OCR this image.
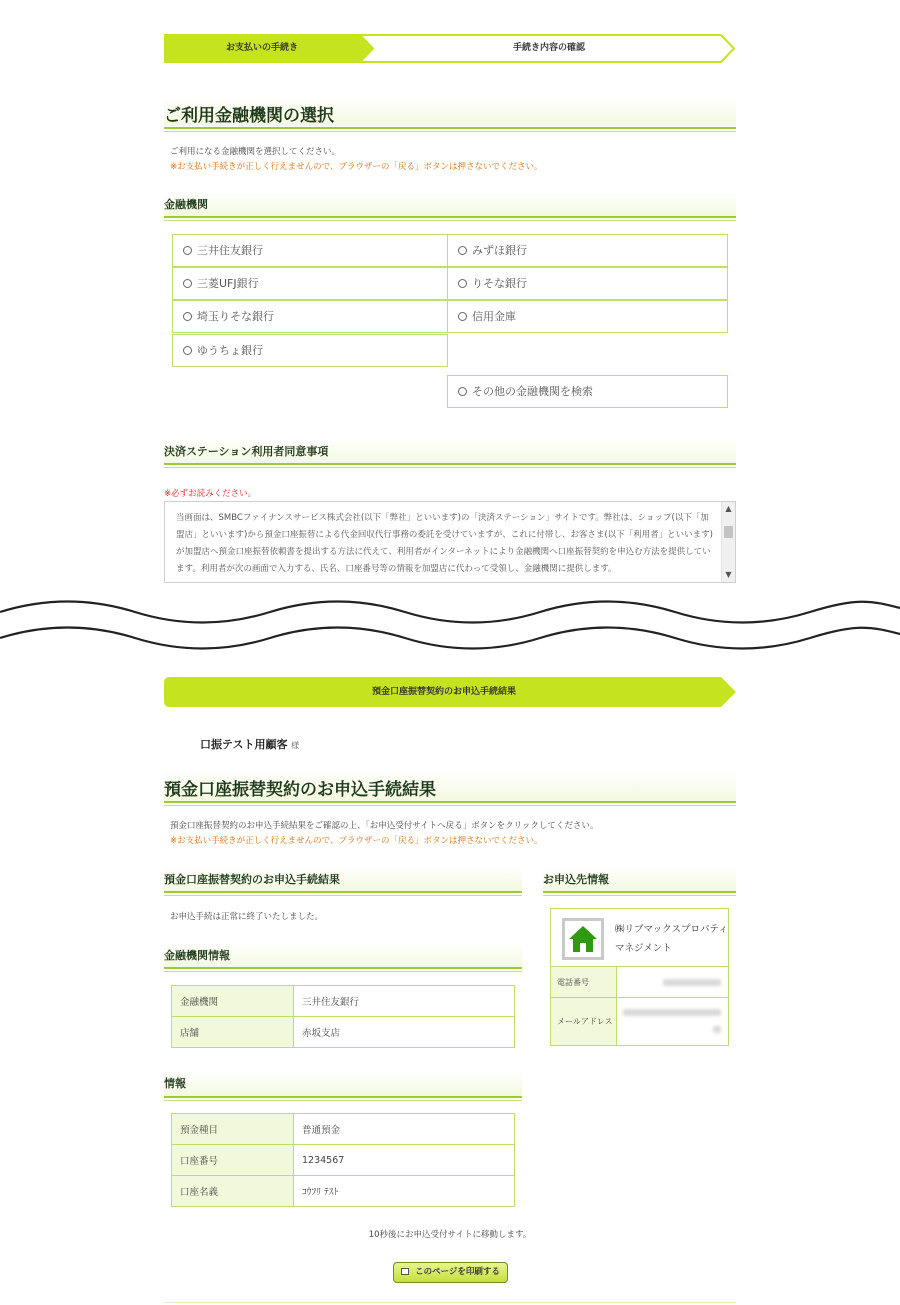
お支払いの手続き	手続き内容の確認
ご利用金融機関の選択
ご利用になる金融機関を選択してください。
※お支払い手続きが正しく行えませんので、ブラウザーの「戻る」ボタンは押さないでください。
金融機関
三井住友銀行	みずほ銀行
三菱UFJ銀行	りそな銀行
埼玉りそな銀行	信用金庫
ゆうちょ銀行
その他の金融機関を検索
決済ステーション利用者同意事項
※必ずお読みください。
当画面は、SMBCファイナンスサービス株式会社(以下「弊社」といいます)の「決済ステーション」サイトです。弊社は、ショップ(以下「加盟店」といいます)から預金口座振替による代金回収代行事務の委託を受けていますが、これに付帯し、お客さま(以下「利用者」といいます)が加盟店へ預金口座振替依頼書を提出する方法に代えて、利用者がインターネットにより金融機関へ口座振替契約を申込む方法を提供しています。利用者が次の画面で入力する、氏名、口座番号等の情報を加盟店に代わって受領し、金融機関に提供します。
▲
▼
預金口座振替契約のお申込手続結果
口振テスト用顧客 様
預金口座振替契約のお申込手続結果
預金口座振替契約のお申込手続結果をご確認の上、「お申込受付サイトへ戻る」ボタンをクリックしてください。
※お支払い手続きが正しく行えませんので、ブラウザーの「戻る」ボタンは押さないでください。
預金口座振替契約のお申込手続結果
お申込手続は正常に終了いたしました。
金融機関情報
金融機関	三井住友銀行
店舗	赤坂支店
情報
預金種目	普通預金
口座番号	1234567
口座名義	ｺｳﾌﾘ ﾃｽﾄ
お申込先情報
㈱リブマックスプロパティ
マネジメント
電話番号
メールアドレス
10秒後にお申込受付サイトに移動します。
このページを印刷する
